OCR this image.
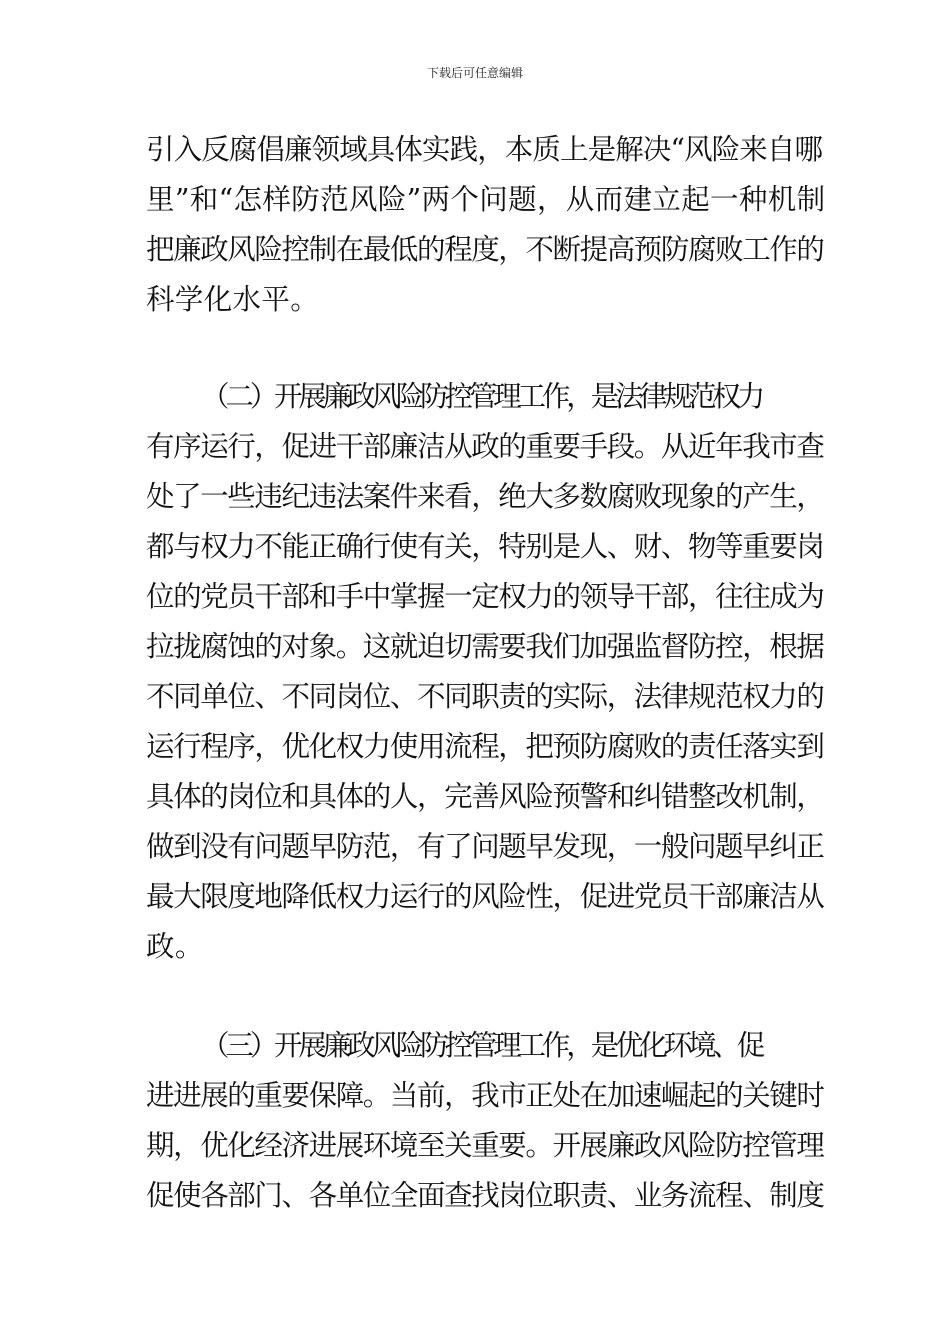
下载后可任意编辑
引入反腐倡廉领域具体实践，本质上是解决“风险来自哪
里”和“怎样防范风险”两个问题，从而建立起一种机制
把廉政风险控制在最低的程度，不断提高预防腐败工作的
科学化水平。
（二）开展廉政风险防控管理工作，是法律规范权力
有序运行，促进干部廉洁从政的重要手段。从近年我市查
处了一些违纪违法案件来看，绝大多数腐败现象的产生，
都与权力不能正确行使有关，特别是人、财、物等重要岗
位的党员干部和手中掌握一定权力的领导干部，往往成为
拉拢腐蚀的对象。这就迫切需要我们加强监督防控，根据
不同单位、不同岗位、不同职责的实际，法律规范权力的
运行程序，优化权力使用流程，把预防腐败的责任落实到
具体的岗位和具体的人，完善风险预警和纠错整改机制，
做到没有问题早防范，有了问题早发现，一般问题早纠正
最大限度地降低权力运行的风险性，促进党员干部廉洁从
政。
（三）开展廉政风险防控管理工作，是优化环境、促
进进展的重要保障。当前，我市正处在加速崛起的关键时
期，优化经济进展环境至关重要。开展廉政风险防控管理
促使各部门、各单位全面查找岗位职责、业务流程、制度
